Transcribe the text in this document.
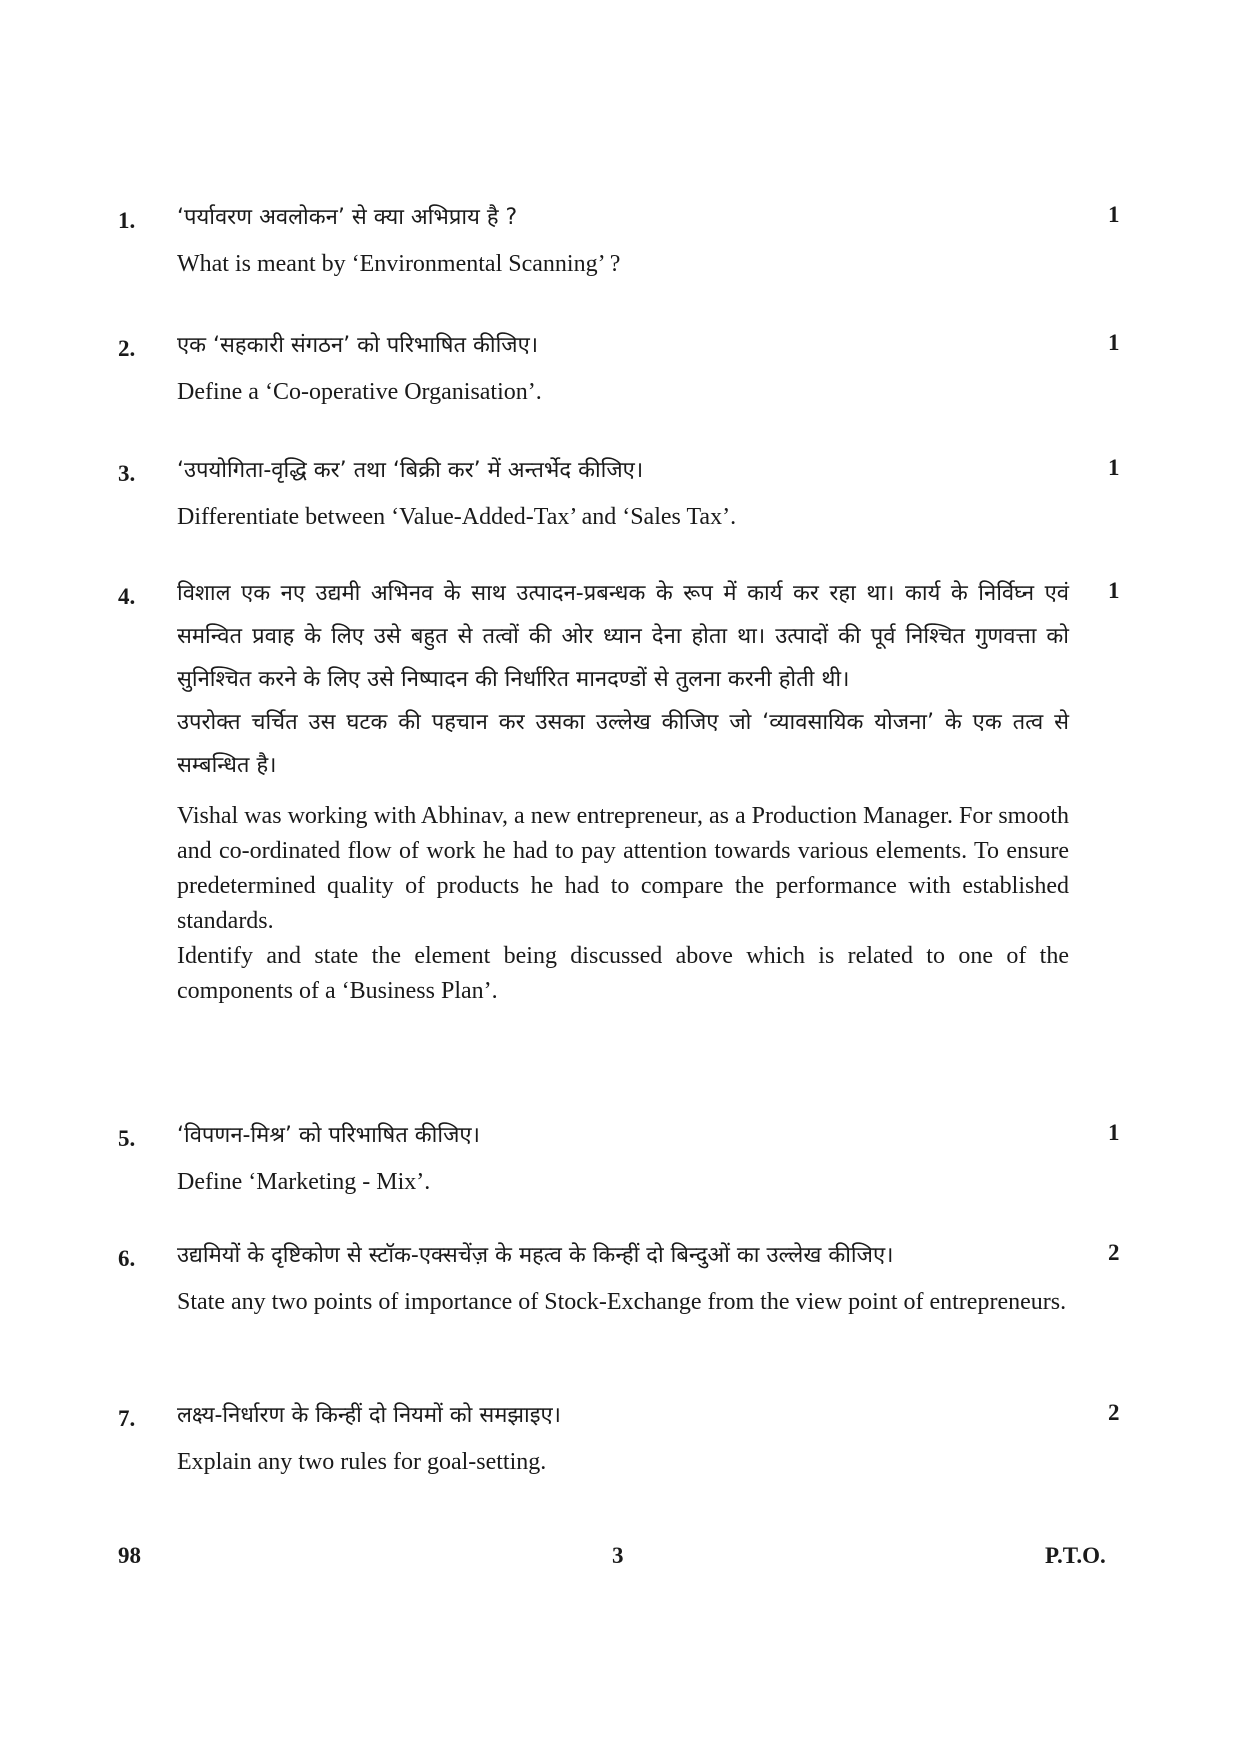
1.	1

‘पर्यावरण अवलोकन’ से क्या अभिप्राय है ?

What is meant by ‘Environmental Scanning’ ?

2.	1

एक ‘सहकारी संगठन’ को परिभाषित कीजिए।

Define a ‘Co-operative Organisation’.

3.	1

‘उपयोगिता-वृद्धि कर’ तथा ‘बिक्री कर’ में अन्तर्भेद कीजिए।

Differentiate between ‘Value-Added-Tax’ and ‘Sales Tax’.

4.	1

विशाल एक नए उद्यमी अभिनव के साथ उत्पादन-प्रबन्धक के रूप में कार्य कर रहा था। कार्य के निर्विघ्न एवं समन्वित प्रवाह के लिए उसे बहुत से तत्वों की ओर ध्यान देना होता था। उत्पादों की पूर्व निश्चित गुणवत्ता को सुनिश्चित करने के लिए उसे निष्पादन की निर्धारित मानदण्डों से तुलना करनी होती थी।

उपरोक्त चर्चित उस घटक की पहचान कर उसका उल्लेख कीजिए जो ‘व्यावसायिक योजना’ के एक तत्व से सम्बन्धित है।

Vishal was working with Abhinav, a new entrepreneur, as a Production Manager. For smooth and co-ordinated flow of work he had to pay attention towards various elements. To ensure predetermined quality of products he had to compare the performance with established standards.

Identify and state the element being discussed above which is related to one of the components of a ‘Business Plan’.

5.	1

‘विपणन-मिश्र’ को परिभाषित कीजिए।

Define ‘Marketing - Mix’.

6.	2

उद्यमियों के दृष्टिकोण से स्टॉक-एक्सचेंज़ के महत्व के किन्हीं दो बिन्दुओं का उल्लेख कीजिए।

State any two points of importance of Stock-Exchange from the view point of entrepreneurs.

7.	2

लक्ष्य-निर्धारण के किन्हीं दो नियमों को समझाइए।

Explain any two rules for goal-setting.

98	3	P.T.O.
